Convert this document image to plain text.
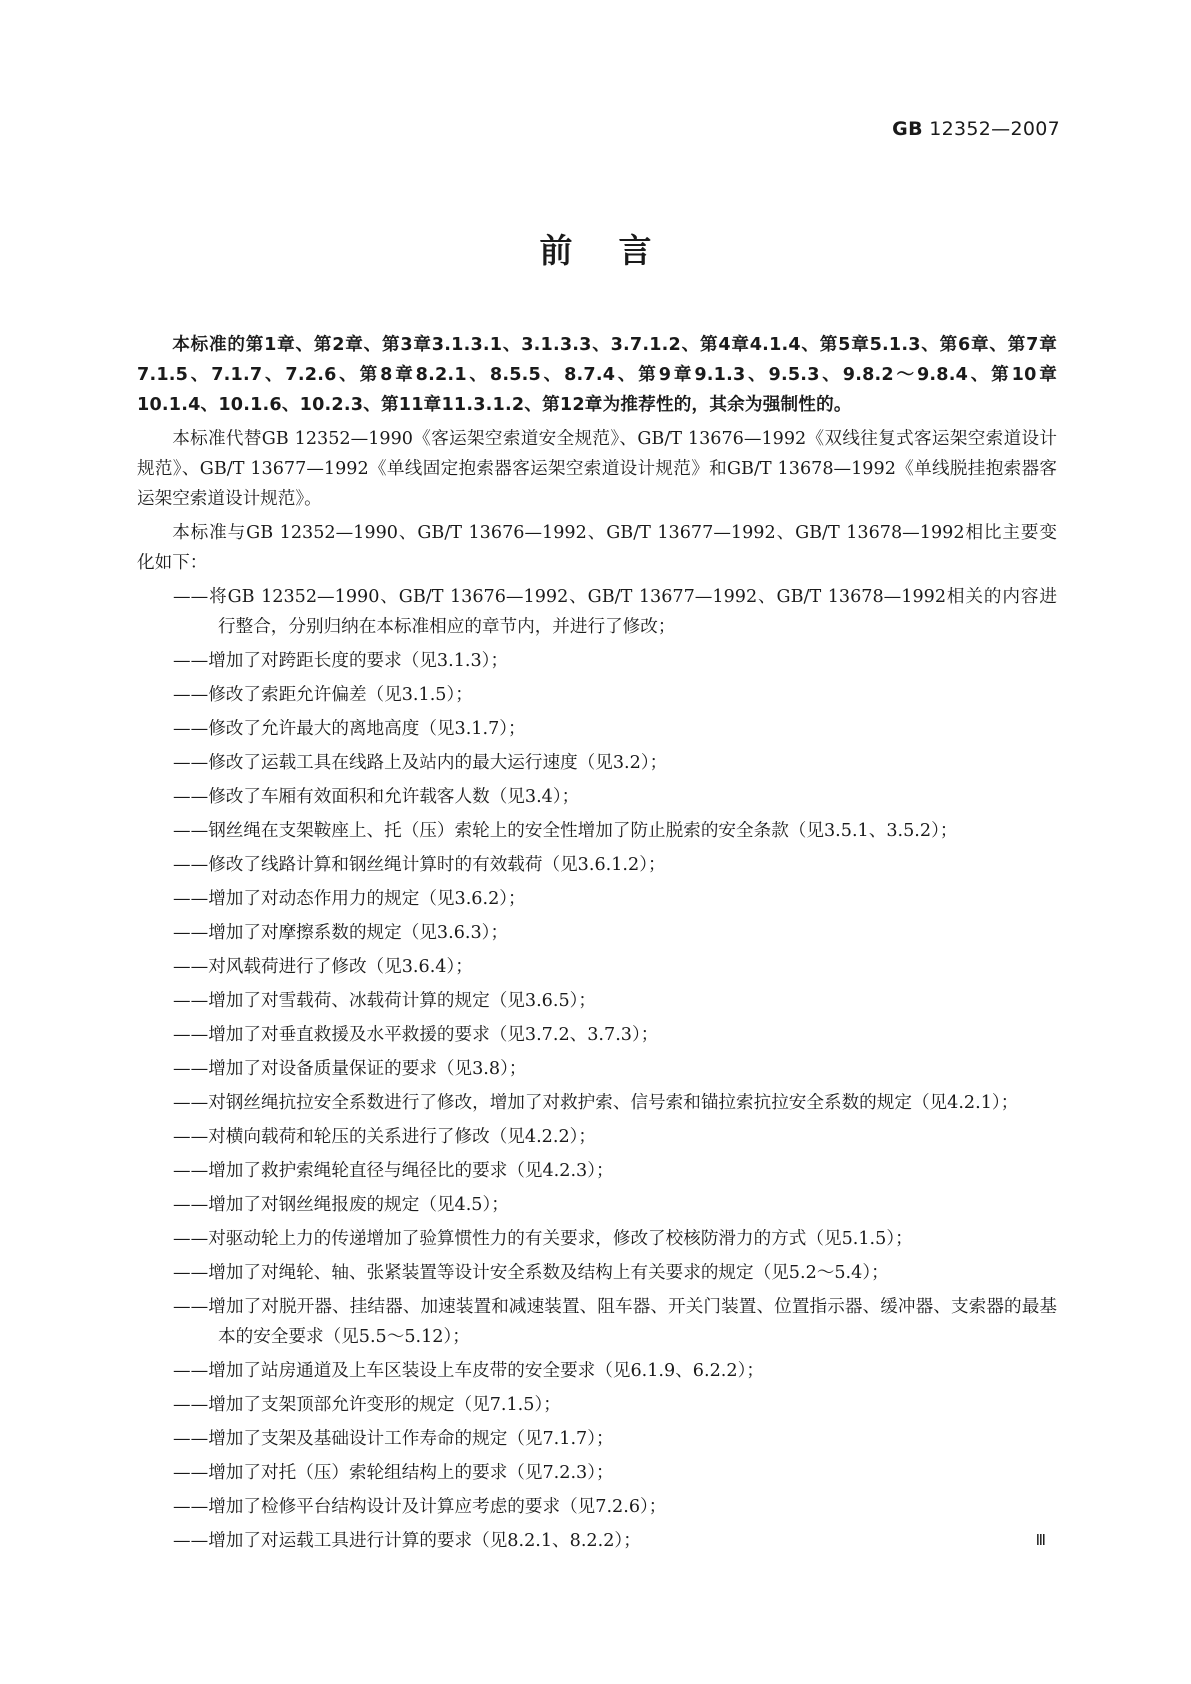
GB 12352—2007
前言

本标准的第1章、第2章、第3章3.1.3.1、3.1.3.3、3.7.1.2、第4章4.1.4、第5章5.1.3、第6章、第7章7.1.5、7.1.7、7.2.6、第8章8.2.1、8.5.5、8.7.4、第9章9.1.3、9.5.3、9.8.2～9.8.4、第10章10.1.4、10.1.6、10.2.3、第11章11.3.1.2、第12章为推荐性的，其余为强制性的。

本标准代替GB 12352—1990《客运架空索道安全规范》、GB/T 13676—1992《双线往复式客运架空索道设计规范》、GB/T 13677—1992《单线固定抱索器客运架空索道设计规范》和GB/T 13678—1992《单线脱挂抱索器客运架空索道设计规范》。

本标准与GB 12352—1990、GB/T 13676—1992、GB/T 13677—1992、GB/T 13678—1992相比主要变化如下：

——将GB 12352—1990、GB/T 13676—1992、GB/T 13677—1992、GB/T 13678—1992相关的内容进行整合，分别归纳在本标准相应的章节内，并进行了修改；
——增加了对跨距长度的要求（见3.1.3）；
——修改了索距允许偏差（见3.1.5）；
——修改了允许最大的离地高度（见3.1.7）；
——修改了运载工具在线路上及站内的最大运行速度（见3.2）；
——修改了车厢有效面积和允许载客人数（见3.4）；
——钢丝绳在支架鞍座上、托（压）索轮上的安全性增加了防止脱索的安全条款（见3.5.1、3.5.2）；
——修改了线路计算和钢丝绳计算时的有效载荷（见3.6.1.2）；
——增加了对动态作用力的规定（见3.6.2）；
——增加了对摩擦系数的规定（见3.6.3）；
——对风载荷进行了修改（见3.6.4）；
——增加了对雪载荷、冰载荷计算的规定（见3.6.5）；
——增加了对垂直救援及水平救援的要求（见3.7.2、3.7.3）；
——增加了对设备质量保证的要求（见3.8）；
——对钢丝绳抗拉安全系数进行了修改，增加了对救护索、信号索和锚拉索抗拉安全系数的规定（见4.2.1）；
——对横向载荷和轮压的关系进行了修改（见4.2.2）；
——增加了救护索绳轮直径与绳径比的要求（见4.2.3）；
——增加了对钢丝绳报废的规定（见4.5）；
——对驱动轮上力的传递增加了验算惯性力的有关要求，修改了校核防滑力的方式（见5.1.5）；
——增加了对绳轮、轴、张紧装置等设计安全系数及结构上有关要求的规定（见5.2～5.4）；
——增加了对脱开器、挂结器、加速装置和减速装置、阻车器、开关门装置、位置指示器、缓冲器、支索器的最基本的安全要求（见5.5～5.12）；
——增加了站房通道及上车区装设上车皮带的安全要求（见6.1.9、6.2.2）；
——增加了支架顶部允许变形的规定（见7.1.5）；
——增加了支架及基础设计工作寿命的规定（见7.1.7）；
——增加了对托（压）索轮组结构上的要求（见7.2.3）；
——增加了检修平台结构设计及计算应考虑的要求（见7.2.6）；
——增加了对运载工具进行计算的要求（见8.2.1、8.2.2）；	Ⅲ
